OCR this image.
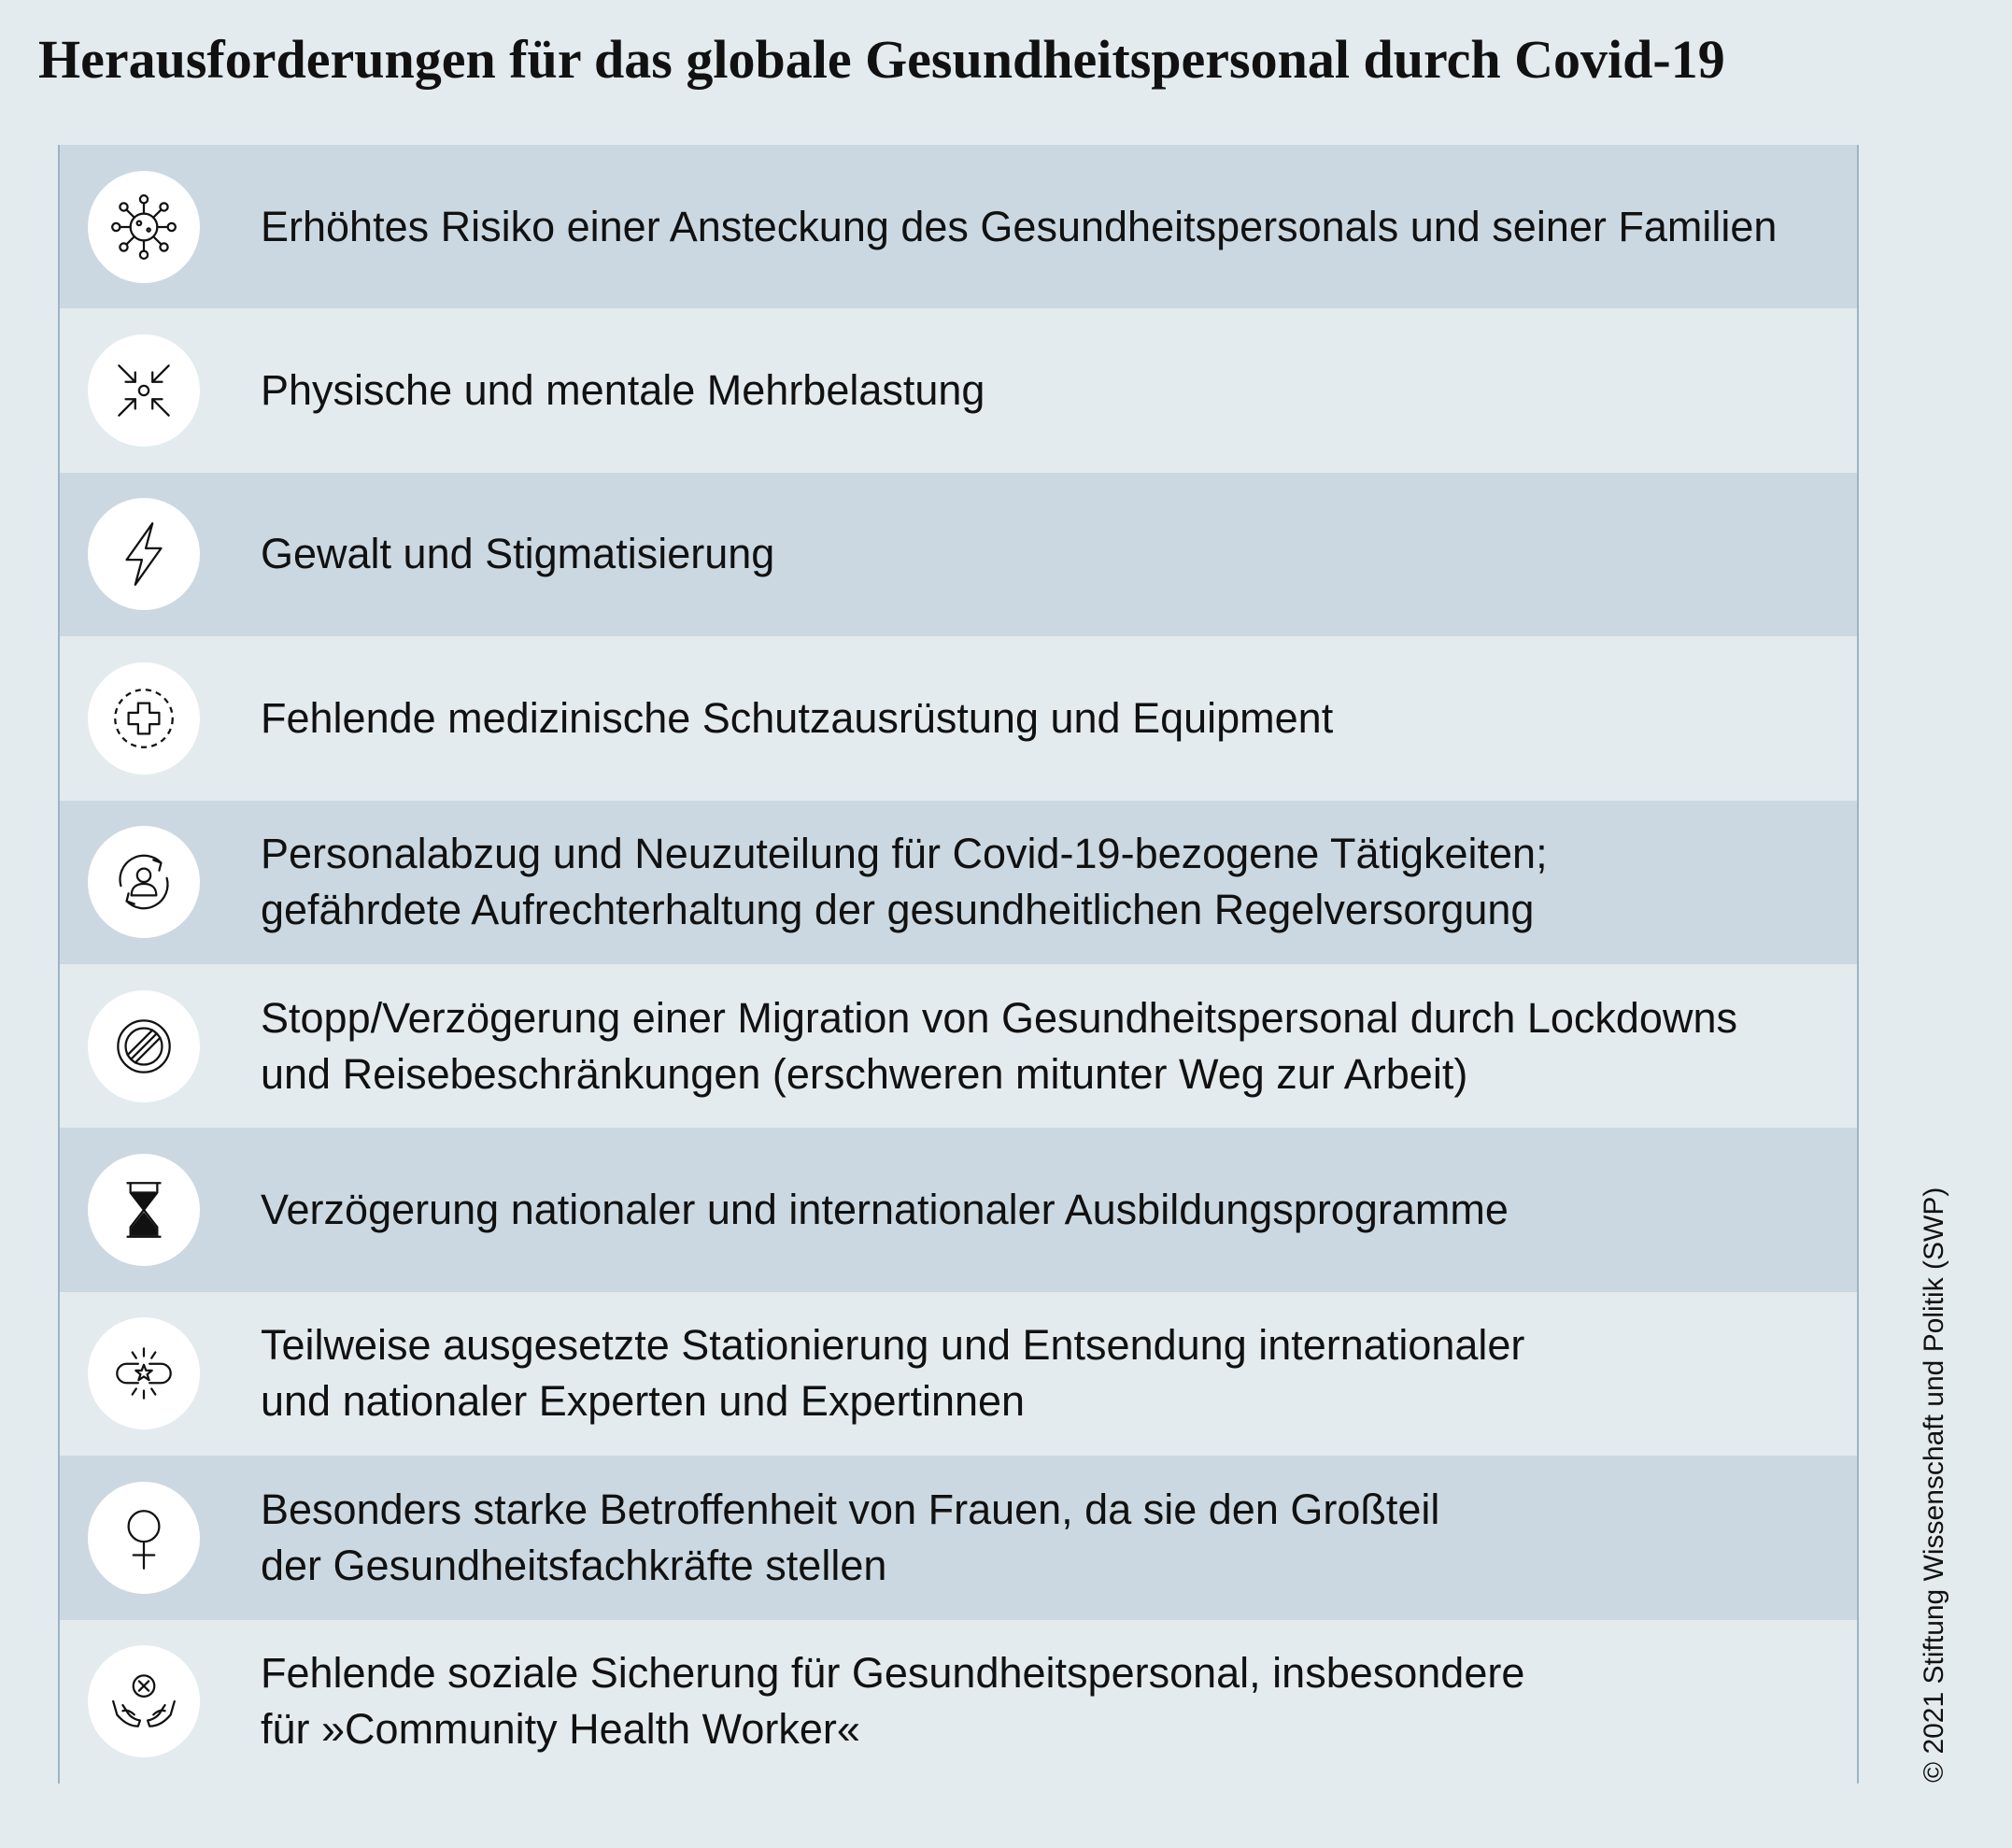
Herausforderungen für das globale Gesundheitspersonal durch Covid-19
Erhöhtes Risiko einer Ansteckung des Gesundheitspersonals und seiner Familien
Physische und mentale Mehrbelastung
Gewalt und Stigmatisierung
Fehlende medizinische Schutzausrüstung und Equipment
Personalabzug und Neuzuteilung für Covid-19-bezogene Tätigkeiten;
gefährdete Aufrechterhaltung der gesundheitlichen Regelversorgung
Stopp/Verzögerung einer Migration von Gesundheitspersonal durch Lockdowns
und Reisebeschränkungen (erschweren mitunter Weg zur Arbeit)
Verzögerung nationaler und internationaler Ausbildungsprogramme
Teilweise ausgesetzte Stationierung und Entsendung internationaler
und nationaler Experten und Expertinnen
Besonders starke Betroffenheit von Frauen, da sie den Großteil
der Gesundheitsfachkräfte stellen
Fehlende soziale Sicherung für Gesundheitspersonal, insbesondere
für »Community Health Worker«	© 2021 Stiftung Wissenschaft und Politik (SWP)
